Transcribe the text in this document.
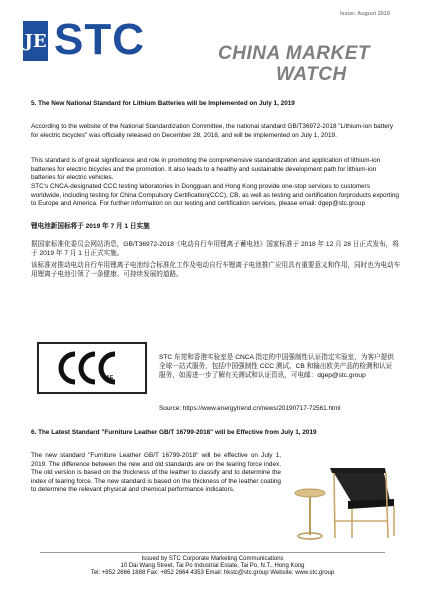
Issue: August 2019
JE STC	CHINA MARKET
WATCH
5. The New National Standard for Lithium Batteries will be Implemented on July 1, 2019
According to the website of the National Standardization Committee, the national standard GB/T36972-2018 "Lithium-ion battery for electric bicycles" was officially released on December 28, 2018, and will be implemented on July 1, 2019.
This standard is of great significance and role in promoting the comprehensive standardization and application of lithium-ion batteries for electric bicycles and the promotion. It also leads to a healthy and sustainable development path for lithium-ion batteries for electric vehicles.
STC's CNCA-designated CCC testing laboratories in Dongguan and Hong Kong provide one-stop services to customers worldwide, including testing for China Compulsory Certification(CCC), CB, as well as testing and certification forproducts exporting to Europe and America. For further information on our testing and certification services, please email: dgep@stc.group
锂电池新国标将于 2019 年 7 月 1 日实施
据国家标准化委员会网站消息，GB/T36972-2018《电动自行车用锂离子蓄电池》国家标准于 2018 年 12 月 28 日正式发布，将于 2019 年 7 月 1 日正式实施。
该标准对推动电动自行车用锂离子电池综合标准化工作及电动自行车锂离子电池推广应用具有重要意义和作用，同时也为电动车用锂离子电池引领了一条健康、可持续发展的道路。
S&E
STC 东莞和香港实验室是 CNCA 指定的中国强制性认证指定实验室，为客户提供全球一站式服务，包括中国强制性 CCC 测试、CB 和输出欧美产品的检测和认证服务，如需进一步了解有关测试和认证资讯，可电邮：dgep@stc.group
Source: https://www.energytrend.cn/news/20190717-72561.html
6. The Latest Standard "Furniture Leather GB/T 16799-2018" will be Effective from July 1, 2019
The new standard "Furniture Leather GB/T 16799-2018" will be effective on July 1, 2019. The difference between the new and old standards are on the tearing force index. The old version is based on the thickness of the leather to classify and to determine the index of tearing force. The new standard is based on the thickness of the leather coating to determine the relevant physical and chemical performance indicators.
Issued by STC Corporate Marketing Communications
10 Dai Wang Street, Tai Po Industrial Estate, Tai Po, N.T., Hong Kong
Tel: +852 2666 1888 Fax: +852 2664 4353 Email: hkstc@stc.group Website: www.stc.group
